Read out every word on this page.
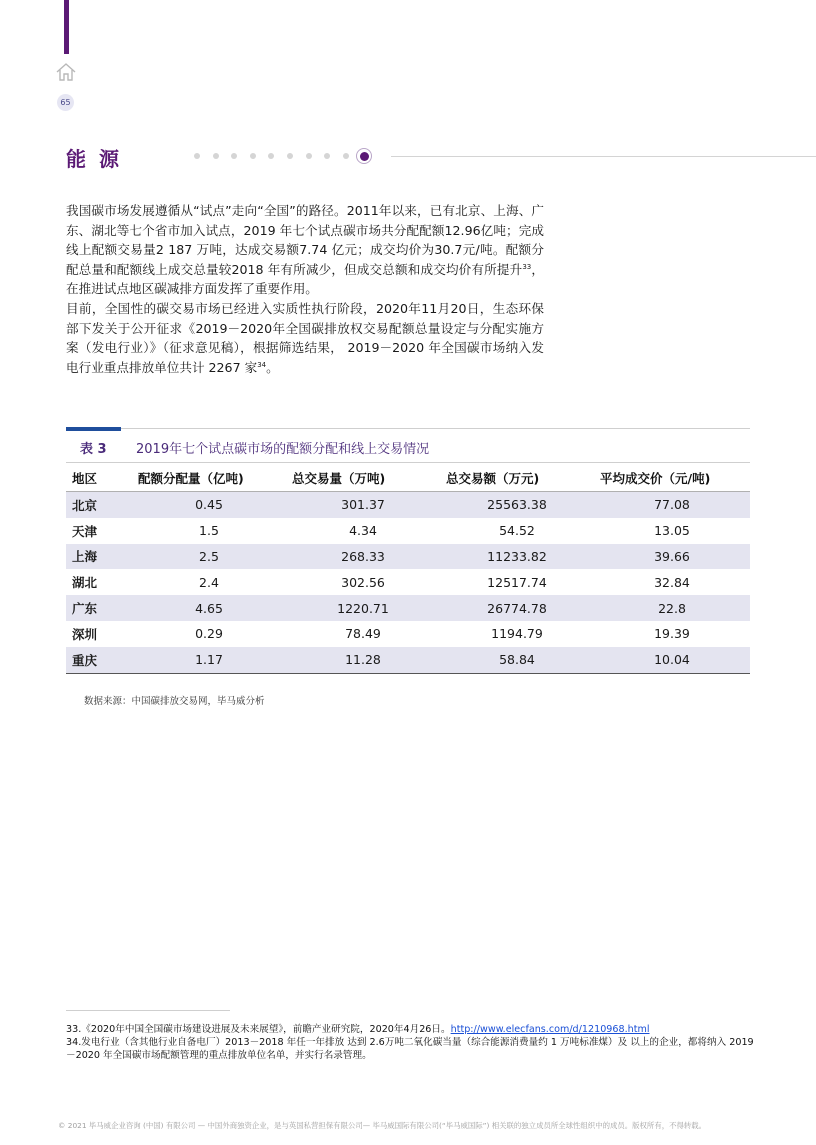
65
能 源

我国碳市场发展遵循从“试点”走向“全国”的路径。2011年以来，已有北京、上海、广东、湖北等七个省市加入试点，2019 年七个试点碳市场共分配配额12.96亿吨；完成线上配额交易量2 187 万吨，达成交易额7.74 亿元；成交均价为30.7元/吨。配额分配总量和配额线上成交总量较2018 年有所减少，但成交总额和成交均价有所提升$^{33}$，在推进试点地区碳减排方面发挥了重要作用。

目前，全国性的碳交易市场已经进入实质性执行阶段，2020年11月20日，生态环保部下发关于公开征求《2019－2020年全国碳排放权交易配额总量设定与分配实施方案（发电行业）》（征求意见稿），根据筛选结果， 2019－2020 年全国碳市场纳入发电行业重点排放单位共计 2267 家$^{34}$。

表 3 2019年七个试点碳市场的配额分配和线上交易情况
地区	配额分配量（亿吨)	总交易量（万吨)	总交易额（万元)	平均成交价（元/吨)
北京	0.45	301.37	25563.38	77.08
天津	1.5	4.34	54.52	13.05
上海	2.5	268.33	11233.82	39.66
湖北	2.4	302.56	12517.74	32.84
广东	4.65	1220.71	26774.78	22.8
深圳	0.29	78.49	1194.79	19.39
重庆	1.17	11.28	58.84	10.04
数据来源：中国碳排放交易网，毕马威分析

33.《2020年中国全国碳市场建设进展及未来展望》，前瞻产业研究院，2020年4月26日。http://www.elecfans.com/d/1210968.html

34.发电行业（含其他行业自备电厂）2013－2018 年任一年排放 达到 2.6万吨二氧化碳当量（综合能源消费量约 1 万吨标准煤）及 以上的企业，都将纳入 2019－2020 年全国碳市场配额管理的重点排放单位名单，并实行名录管理。

© 2021 毕马威企业咨询 (中国) 有限公司 — 中国外商独资企业，是与英国私营担保有限公司— 毕马威国际有限公司(“毕马威国际”) 相关联的独立成员所全球性组织中的成员。版权所有，不得转载。
